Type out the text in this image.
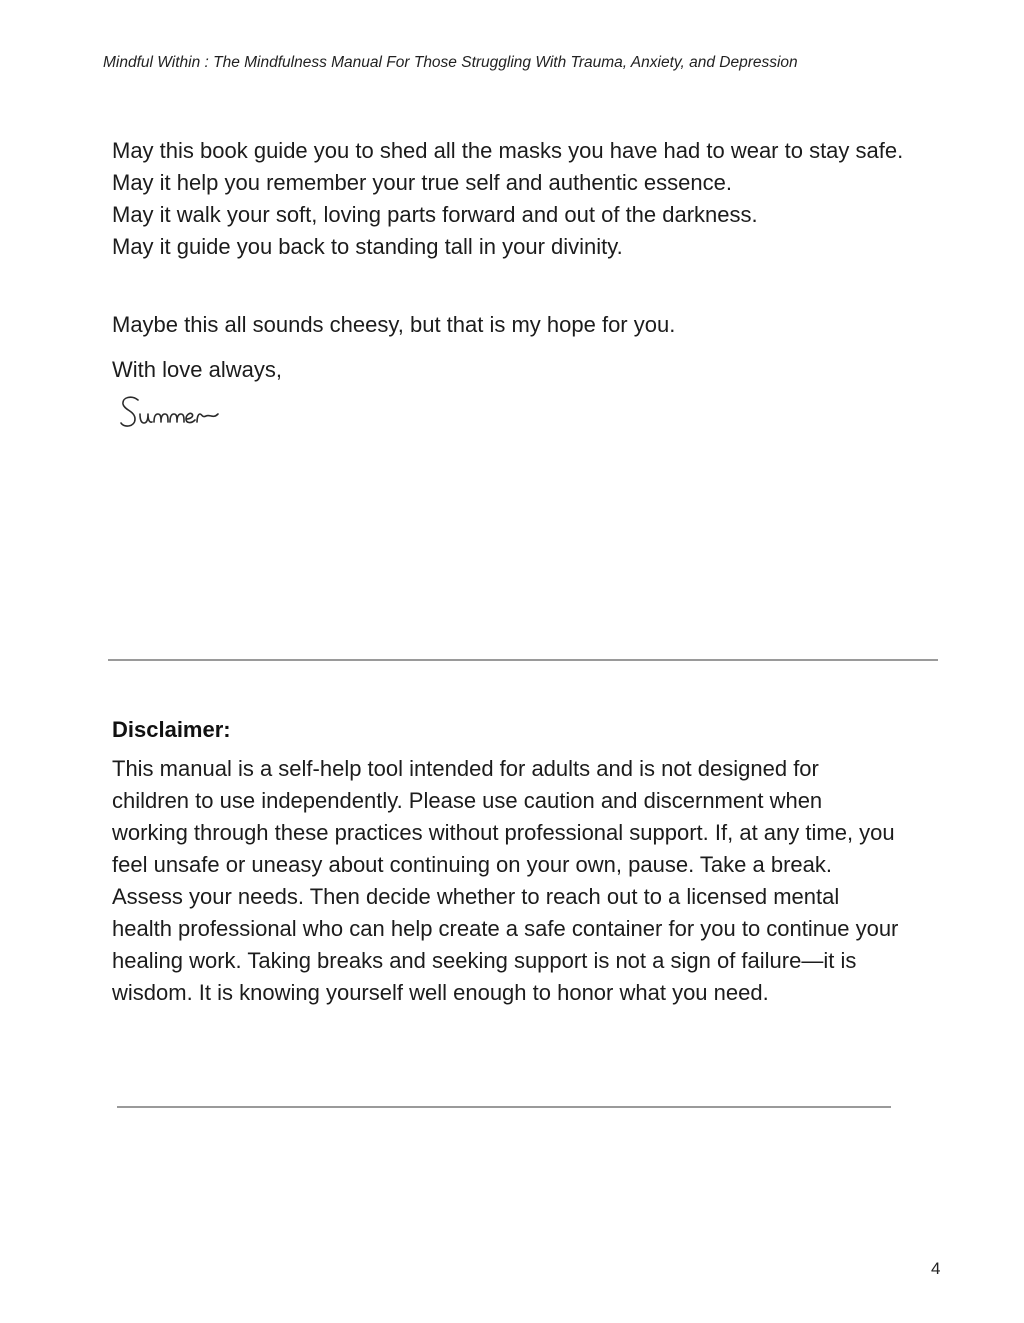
Mindful Within : The Mindfulness Manual For Those Struggling With Trauma, Anxiety, and Depression
May this book guide you to shed all the masks you have had to wear to stay safe.
May it help you remember your true self and authentic essence.
May it walk your soft, loving parts forward and out of the darkness.
May it guide you back to standing tall in your divinity.
Maybe this all sounds cheesy, but that is my hope for you.
With love always,
Disclaimer:
This manual is a self-help tool intended for adults and is not designed for children to use independently. Please use caution and discernment when working through these practices without professional support. If, at any time, you feel unsafe or uneasy about continuing on your own, pause. Take a break. Assess your needs. Then decide whether to reach out to a licensed mental health professional who can help create a safe container for you to continue your healing work. Taking breaks and seeking support is not a sign of failure—it is wisdom. It is knowing yourself well enough to honor what you need.
4
